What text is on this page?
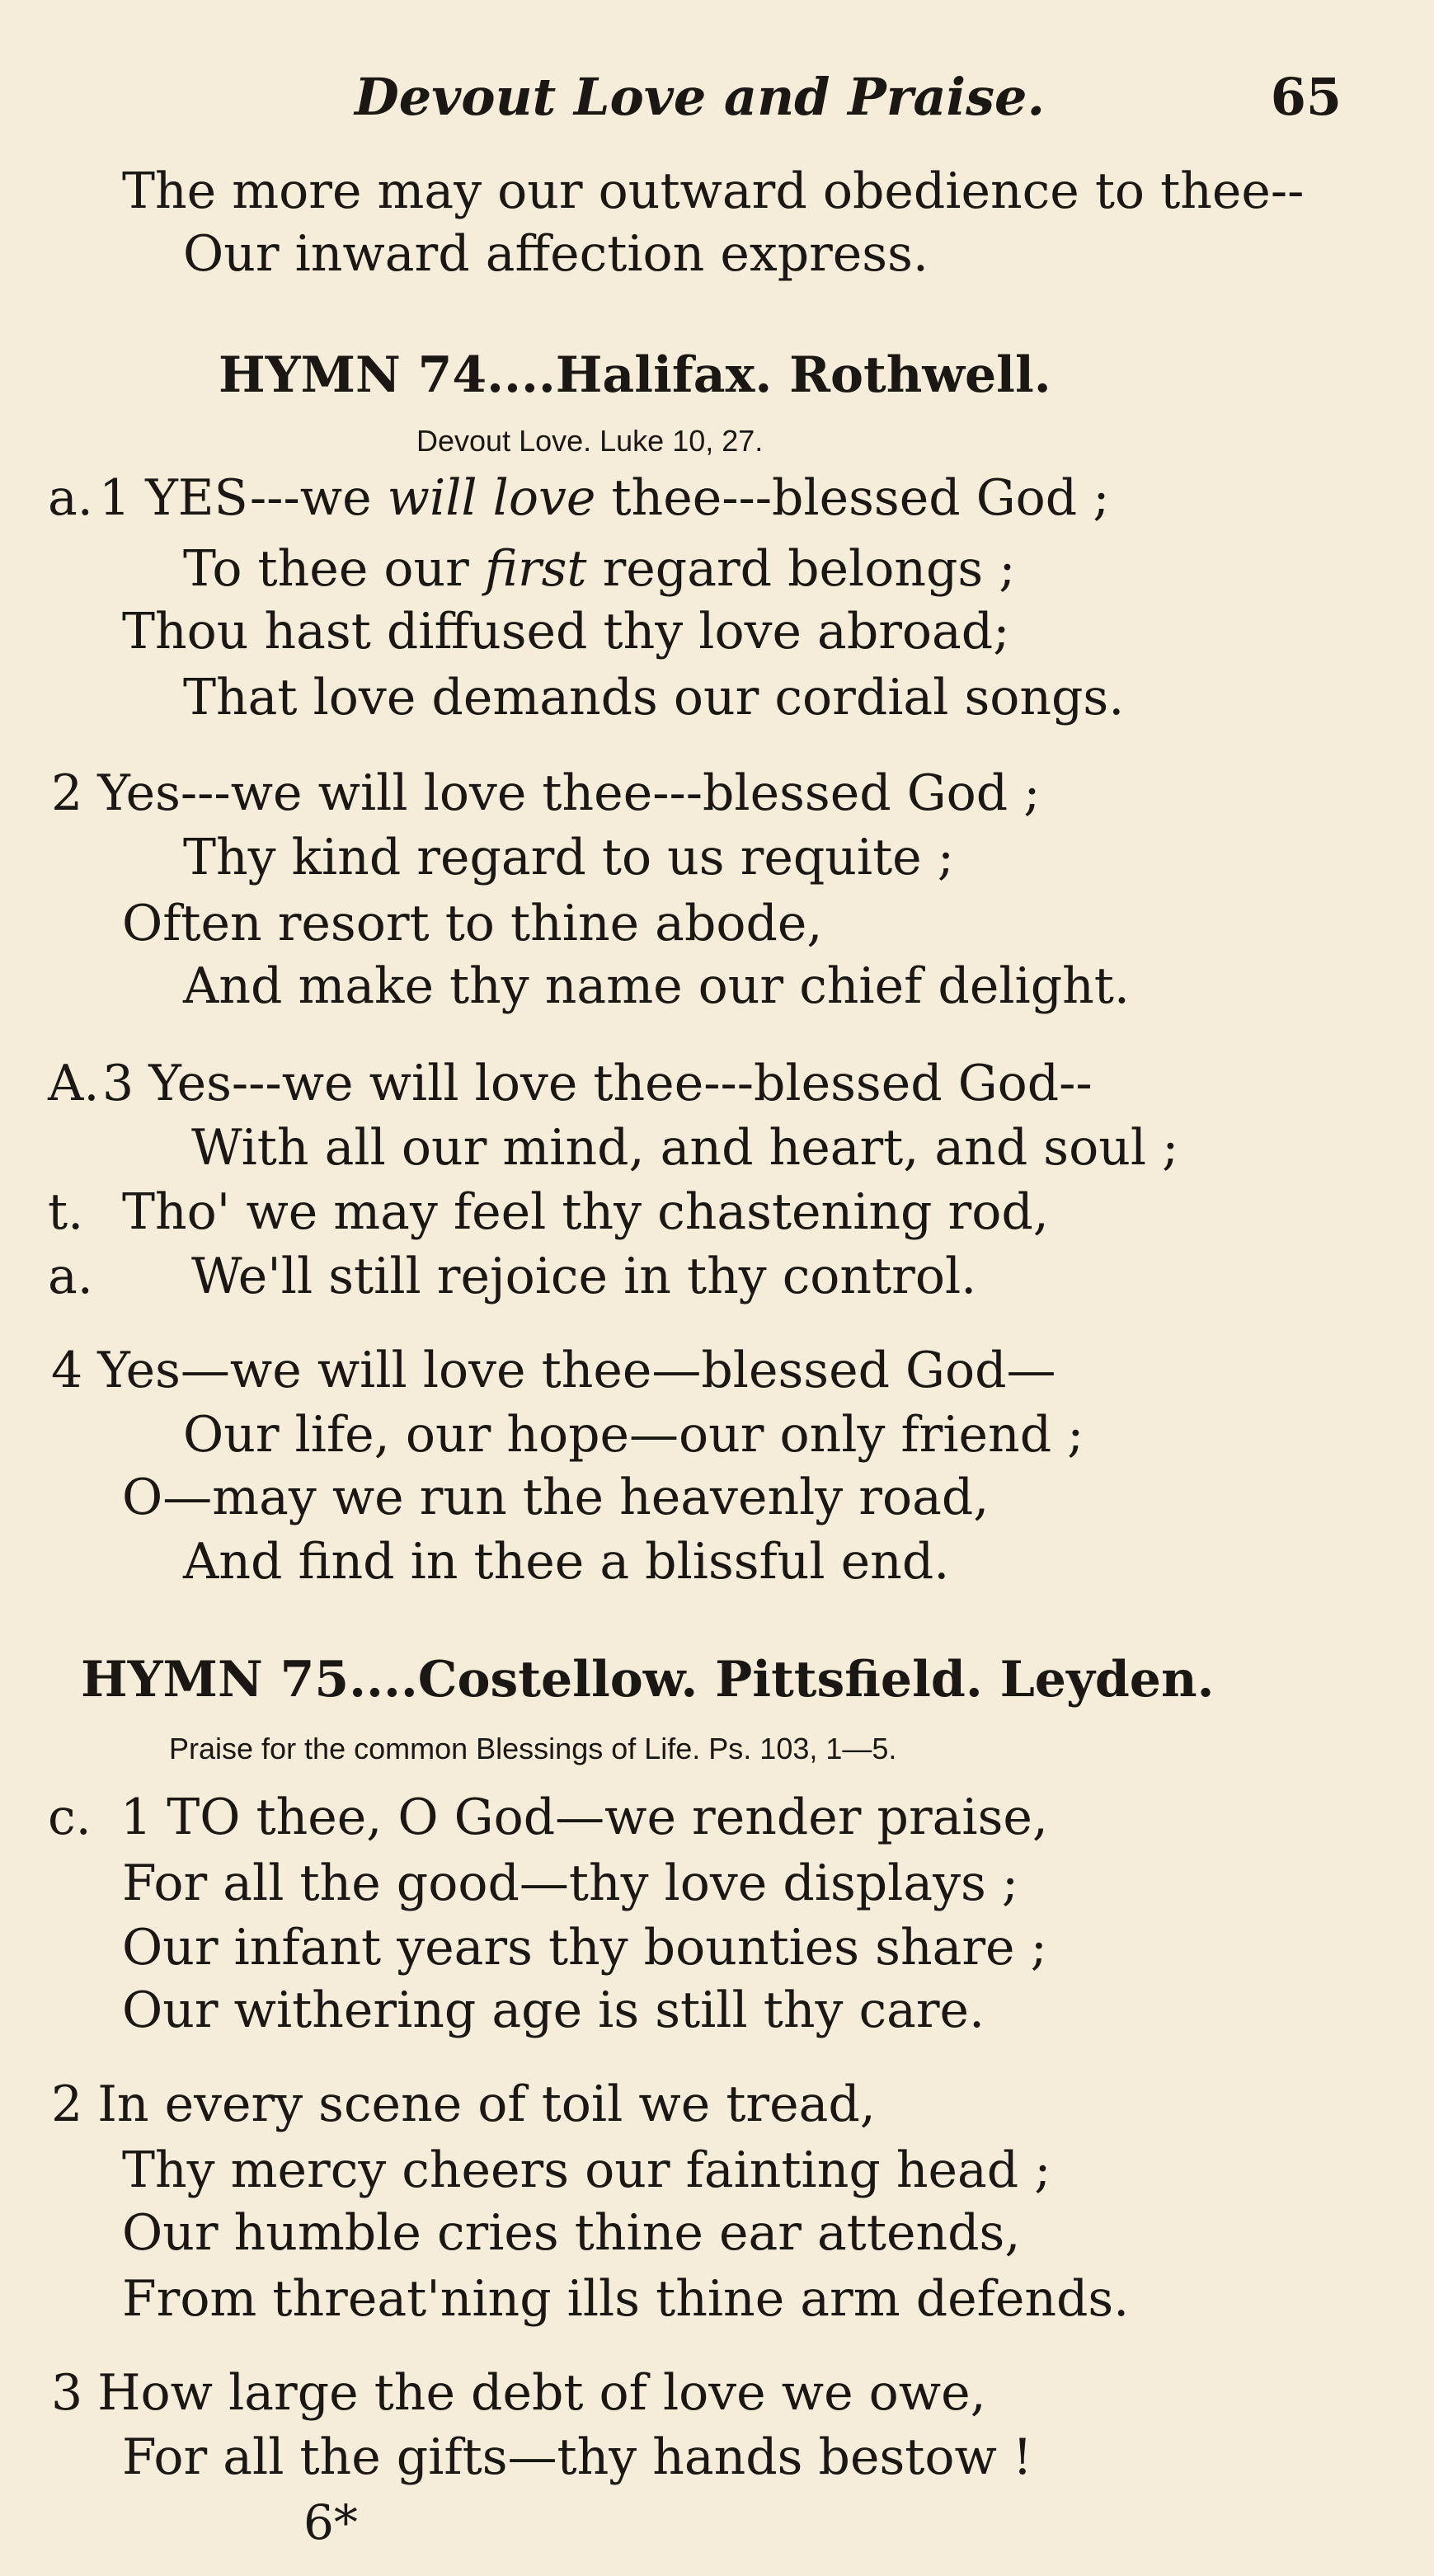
Devout Love and Praise.	65
The more may our outward obedience to thee--
Our inward affection express.
HYMN 74....Halifax. Rothwell.
Devout Love. Luke 10, 27.
a. 1 YES---we will love thee---blessed God ;
To thee our first regard belongs ;
Thou hast diffused thy love abroad;
That love demands our cordial songs.
2 Yes---we will love thee---blessed God ;
Thy kind regard to us requite ;
Often resort to thine abode,
And make thy name our chief delight.
A. 3 Yes---we will love thee---blessed God--
With all our mind, and heart, and soul ;
t. Tho' we may feel thy chastening rod,
a. We'll still rejoice in thy control.
4 Yes—we will love thee—blessed God—
Our life, our hope—our only friend ;
O—may we run the heavenly road,
And find in thee a blissful end.
HYMN 75....Costellow. Pittsfield. Leyden.
Praise for the common Blessings of Life. Ps. 103, 1—5.
c. 1 TO thee, O God—we render praise,
For all the good—thy love displays ;
Our infant years thy bounties share ;
Our withering age is still thy care.
2 In every scene of toil we tread,
Thy mercy cheers our fainting head ;
Our humble cries thine ear attends,
From threat'ning ills thine arm defends.
3 How large the debt of love we owe,
For all the gifts—thy hands bestow !
6*
